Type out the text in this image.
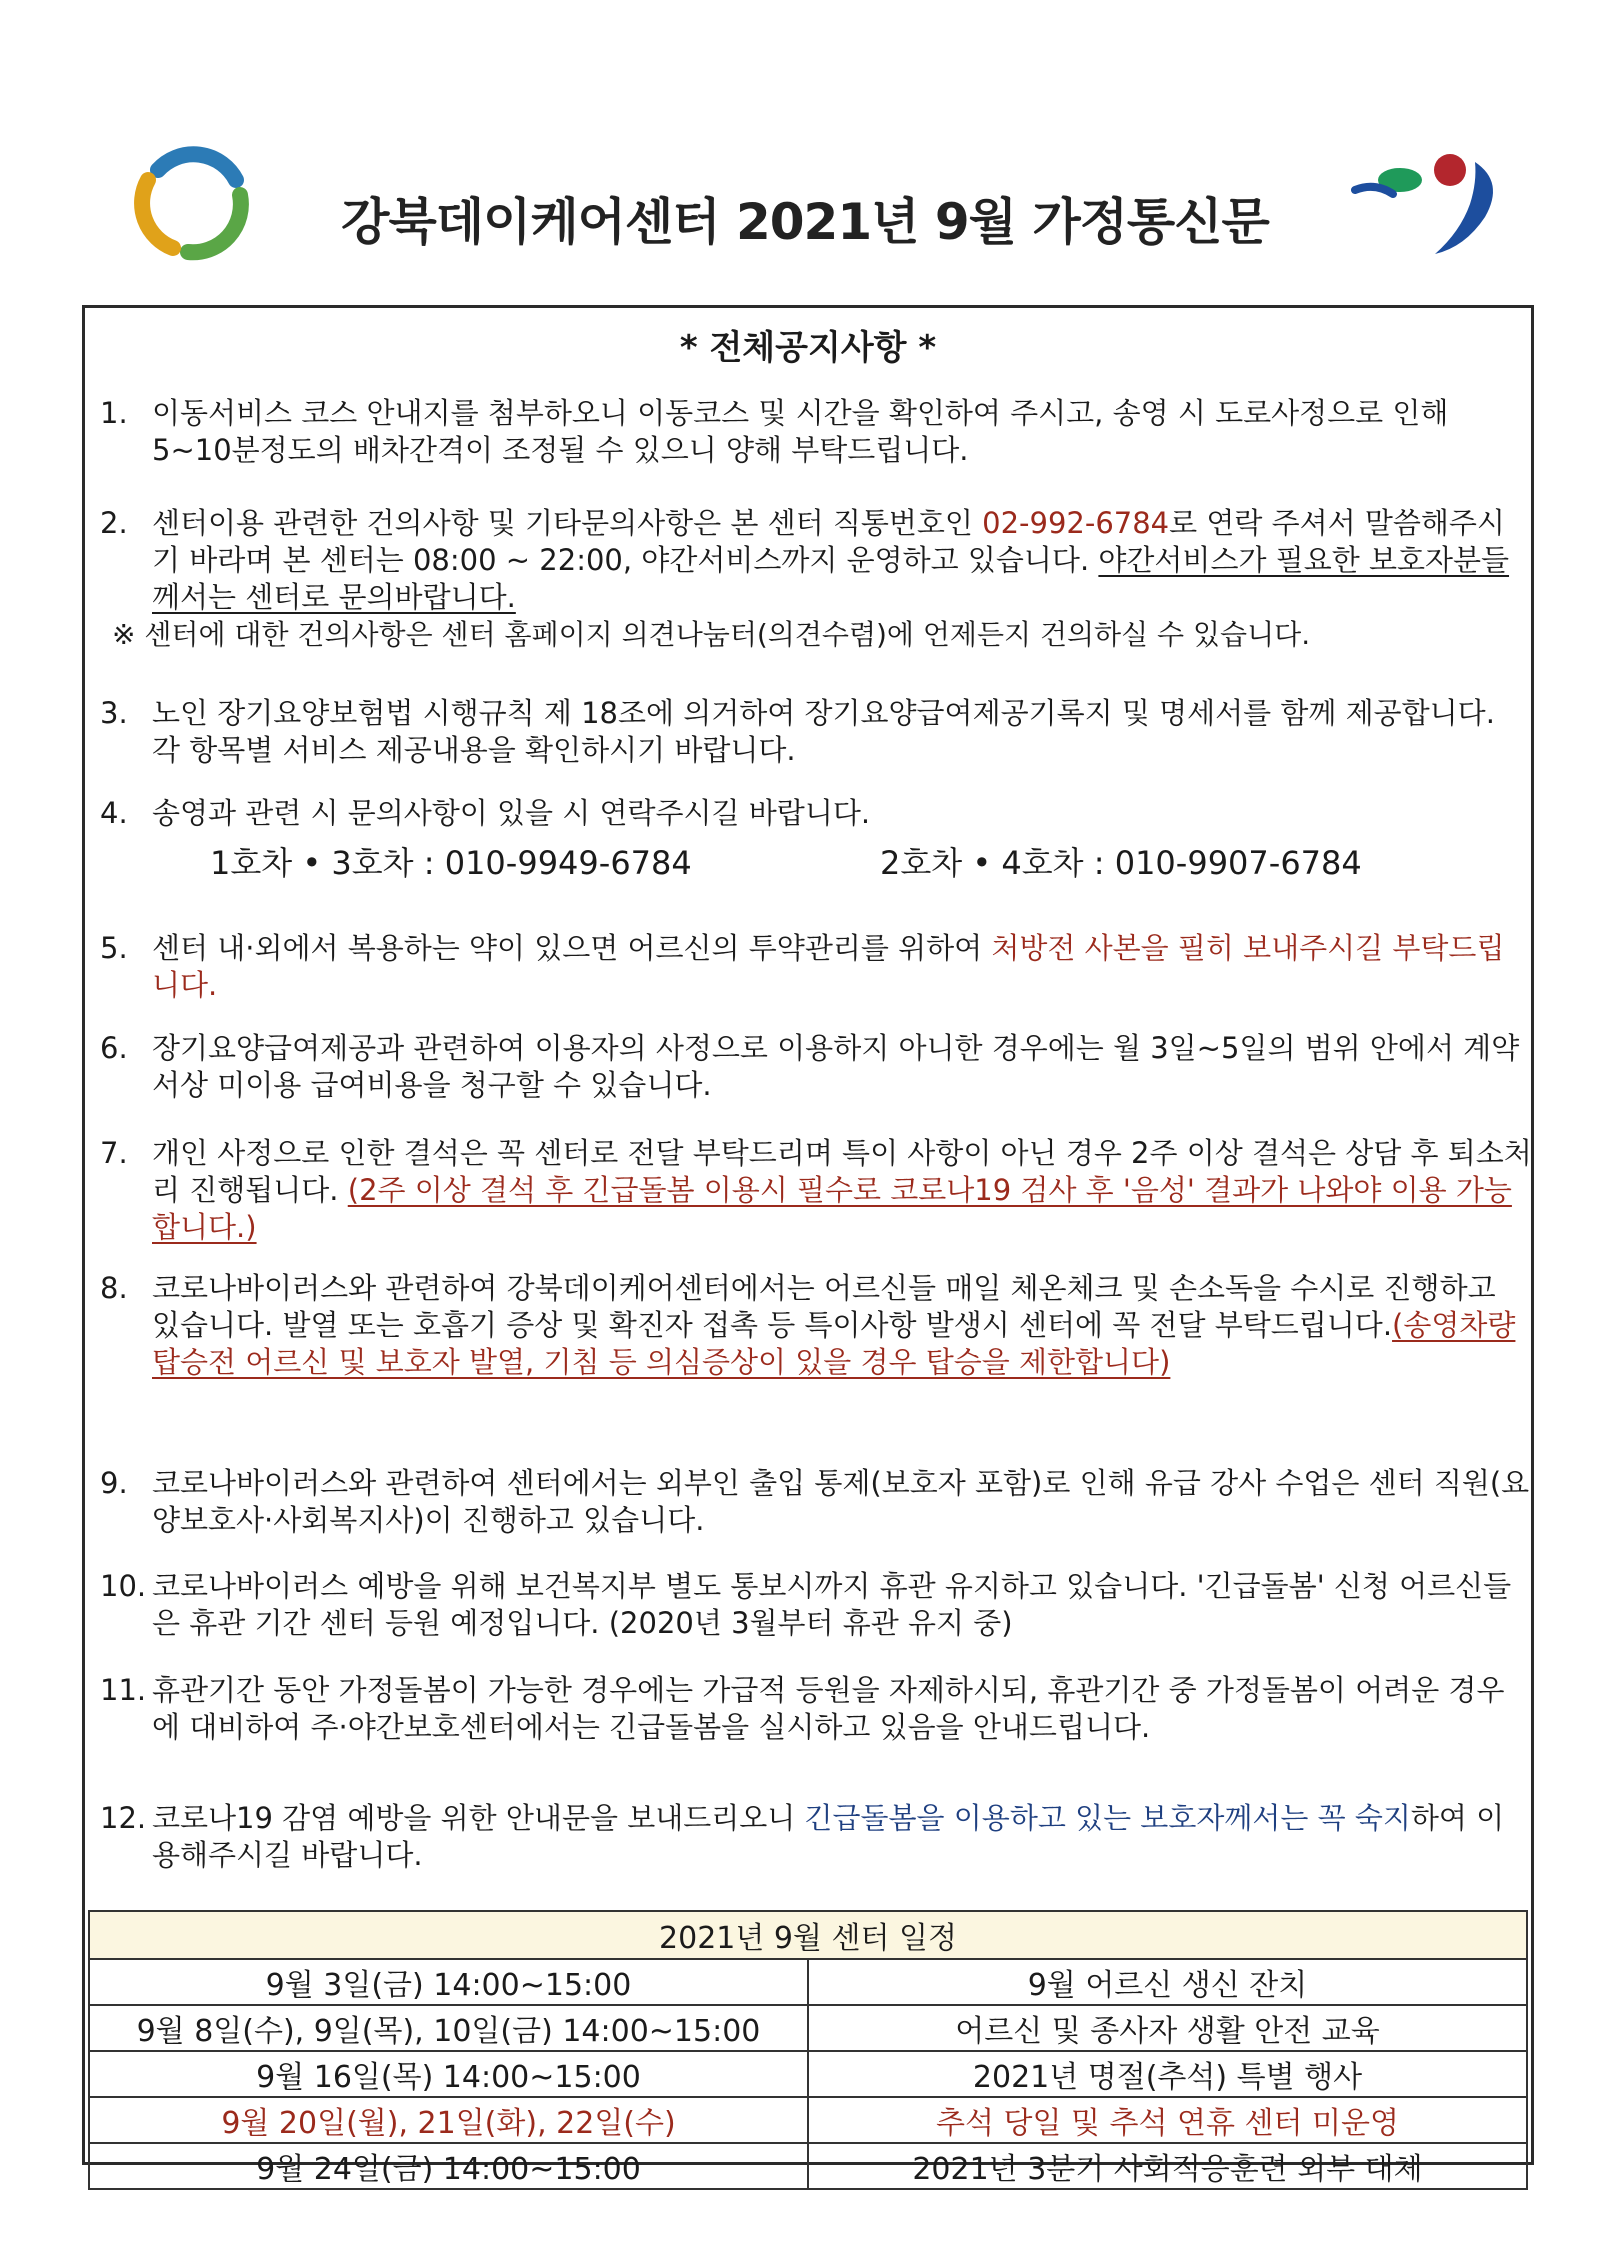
강북데이케어센터 2021년 9월 가정통신문
* 전체공지사항 *
1. 이동서비스 코스 안내지를 첨부하오니 이동코스 및 시간을 확인하여 주시고, 송영 시 도로사정으로 인해 5~10분정도의 배차간격이 조정될 수 있으니 양해 부탁드립니다.
2. 센터이용 관련한 건의사항 및 기타문의사항은 본 센터 직통번호인 02-992-6784로 연락 주셔서 말씀해주시기 바라며 본 센터는 08:00 ~ 22:00, 야간서비스까지 운영하고 있습니다. 야간서비스가 필요한 보호자분들께서는 센터로 문의바랍니다.
※ 센터에 대한 건의사항은 센터 홈페이지 의견나눔터(의견수렴)에 언제든지 건의하실 수 있습니다.
3. 노인 장기요양보험법 시행규칙 제 18조에 의거하여 장기요양급여제공기록지 및 명세서를 함께 제공합니다. 각 항목별 서비스 제공내용을 확인하시기 바랍니다.
4. 송영과 관련 시 문의사항이 있을 시 연락주시길 바랍니다.
1호차 • 3호차 : 010-9949-6784	2호차 • 4호차 : 010-9907-6784
5. 센터 내·외에서 복용하는 약이 있으면 어르신의 투약관리를 위하여 처방전 사본을 필히 보내주시길 부탁드립니다.
6. 장기요양급여제공과 관련하여 이용자의 사정으로 이용하지 아니한 경우에는 월 3일~5일의 범위 안에서 계약서상 미이용 급여비용을 청구할 수 있습니다.
7. 개인 사정으로 인한 결석은 꼭 센터로 전달 부탁드리며 특이 사항이 아닌 경우 2주 이상 결석은 상담 후 퇴소처리 진행됩니다. (2주 이상 결석 후 긴급돌봄 이용시 필수로 코로나19 검사 후 '음성' 결과가 나와야 이용 가능합니다.)
8. 코로나바이러스와 관련하여 강북데이케어센터에서는 어르신들 매일 체온체크 및 손소독을 수시로 진행하고 있습니다. 발열 또는 호흡기 증상 및 확진자 접촉 등 특이사항 발생시 센터에 꼭 전달 부탁드립니다.(송영차량 탑승전 어르신 및 보호자 발열, 기침 등 의심증상이 있을 경우 탑승을 제한합니다)
9. 코로나바이러스와 관련하여 센터에서는 외부인 출입 통제(보호자 포함)로 인해 유급 강사 수업은 센터 직원(요양보호사·사회복지사)이 진행하고 있습니다.
10. 코로나바이러스 예방을 위해 보건복지부 별도 통보시까지 휴관 유지하고 있습니다. '긴급돌봄' 신청 어르신들은 휴관 기간 센터 등원 예정입니다. (2020년 3월부터 휴관 유지 중)
11. 휴관기간 동안 가정돌봄이 가능한 경우에는 가급적 등원을 자제하시되, 휴관기간 중 가정돌봄이 어려운 경우에 대비하여 주·야간보호센터에서는 긴급돌봄을 실시하고 있음을 안내드립니다.
12. 코로나19 감염 예방을 위한 안내문을 보내드리오니 긴급돌봄을 이용하고 있는 보호자께서는 꼭 숙지하여 이용해주시길 바랍니다.
2021년 9월 센터 일정	
9월 3일(금) 14:00~15:00	9월 어르신 생신 잔치
9월 8일(수), 9일(목), 10일(금) 14:00~15:00	어르신 및 종사자 생활 안전 교육
9월 16일(목) 14:00~15:00	2021년 명절(추석) 특별 행사
9월 20일(월), 21일(화), 22일(수)	추석 당일 및 추석 연휴 센터 미운영
9월 24일(금) 14:00~15:00	2021년 3분기 사회적응훈련 외부 대체
